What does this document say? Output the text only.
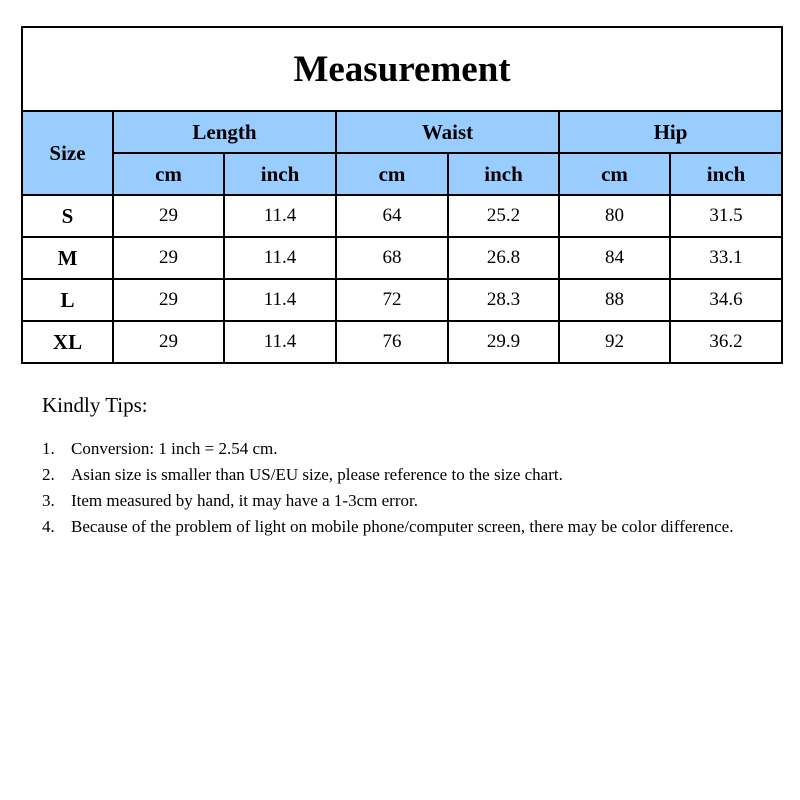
Measurement						
Size	Length		Waist		Hip	
	cm	inch	cm	inch	cm	inch
S	29	11.4	64	25.2	80	31.5
M	29	11.4	68	26.8	84	33.1
L	29	11.4	72	28.3	88	34.6
XL	29	11.4	76	29.9	92	36.2

Kindly Tips:

1. Conversion: 1 inch = 2.54 cm.
2. Asian size is smaller than US/EU size, please reference to the size chart.
3. Item measured by hand, it may have a 1-3cm error.
4. Because of the problem of light on mobile phone/computer screen, there may be color difference.
